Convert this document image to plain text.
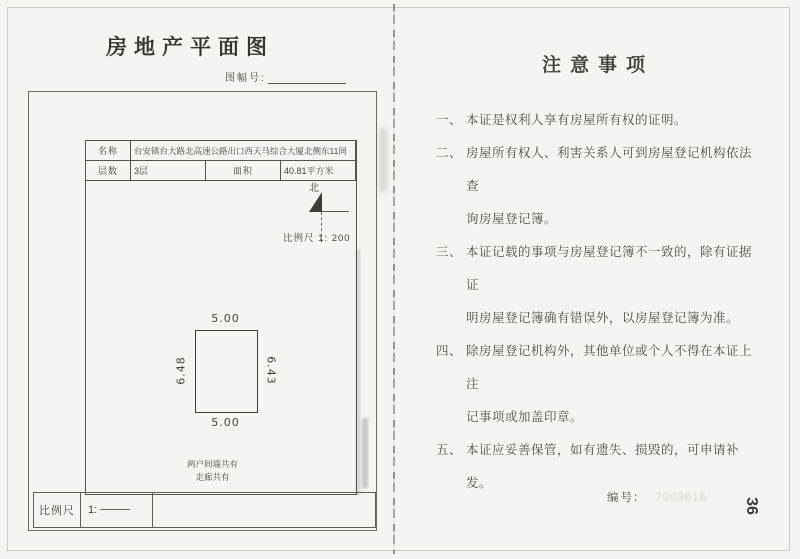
房地产平面图
图幅号:
名称	台安镇台大路北高速公路出口西天马综合大厦北侧东11间		
层数	3层	面积	40.81平方米
北
比例尺 1: 200
5.00
5.00
6.48	6.43
两户间墙共有
走廊共有
比例尺	1:
注意事项
一、 本证是权利人享有房屋所有权的证明。
二、 房屋所有权人、利害关系人可到房屋登记机构依法查
询房屋登记簿。
三、 本证记载的事项与房屋登记簿不一致的，除有证据证
明房屋登记簿确有错误外，以房屋登记簿为准。
四、 除房屋登记机构外，其他单位或个人不得在本证上注
记事项或加盖印章。
五、 本证应妥善保管，如有遗失、损毁的，可申请补发。
编号: 7003616 36
